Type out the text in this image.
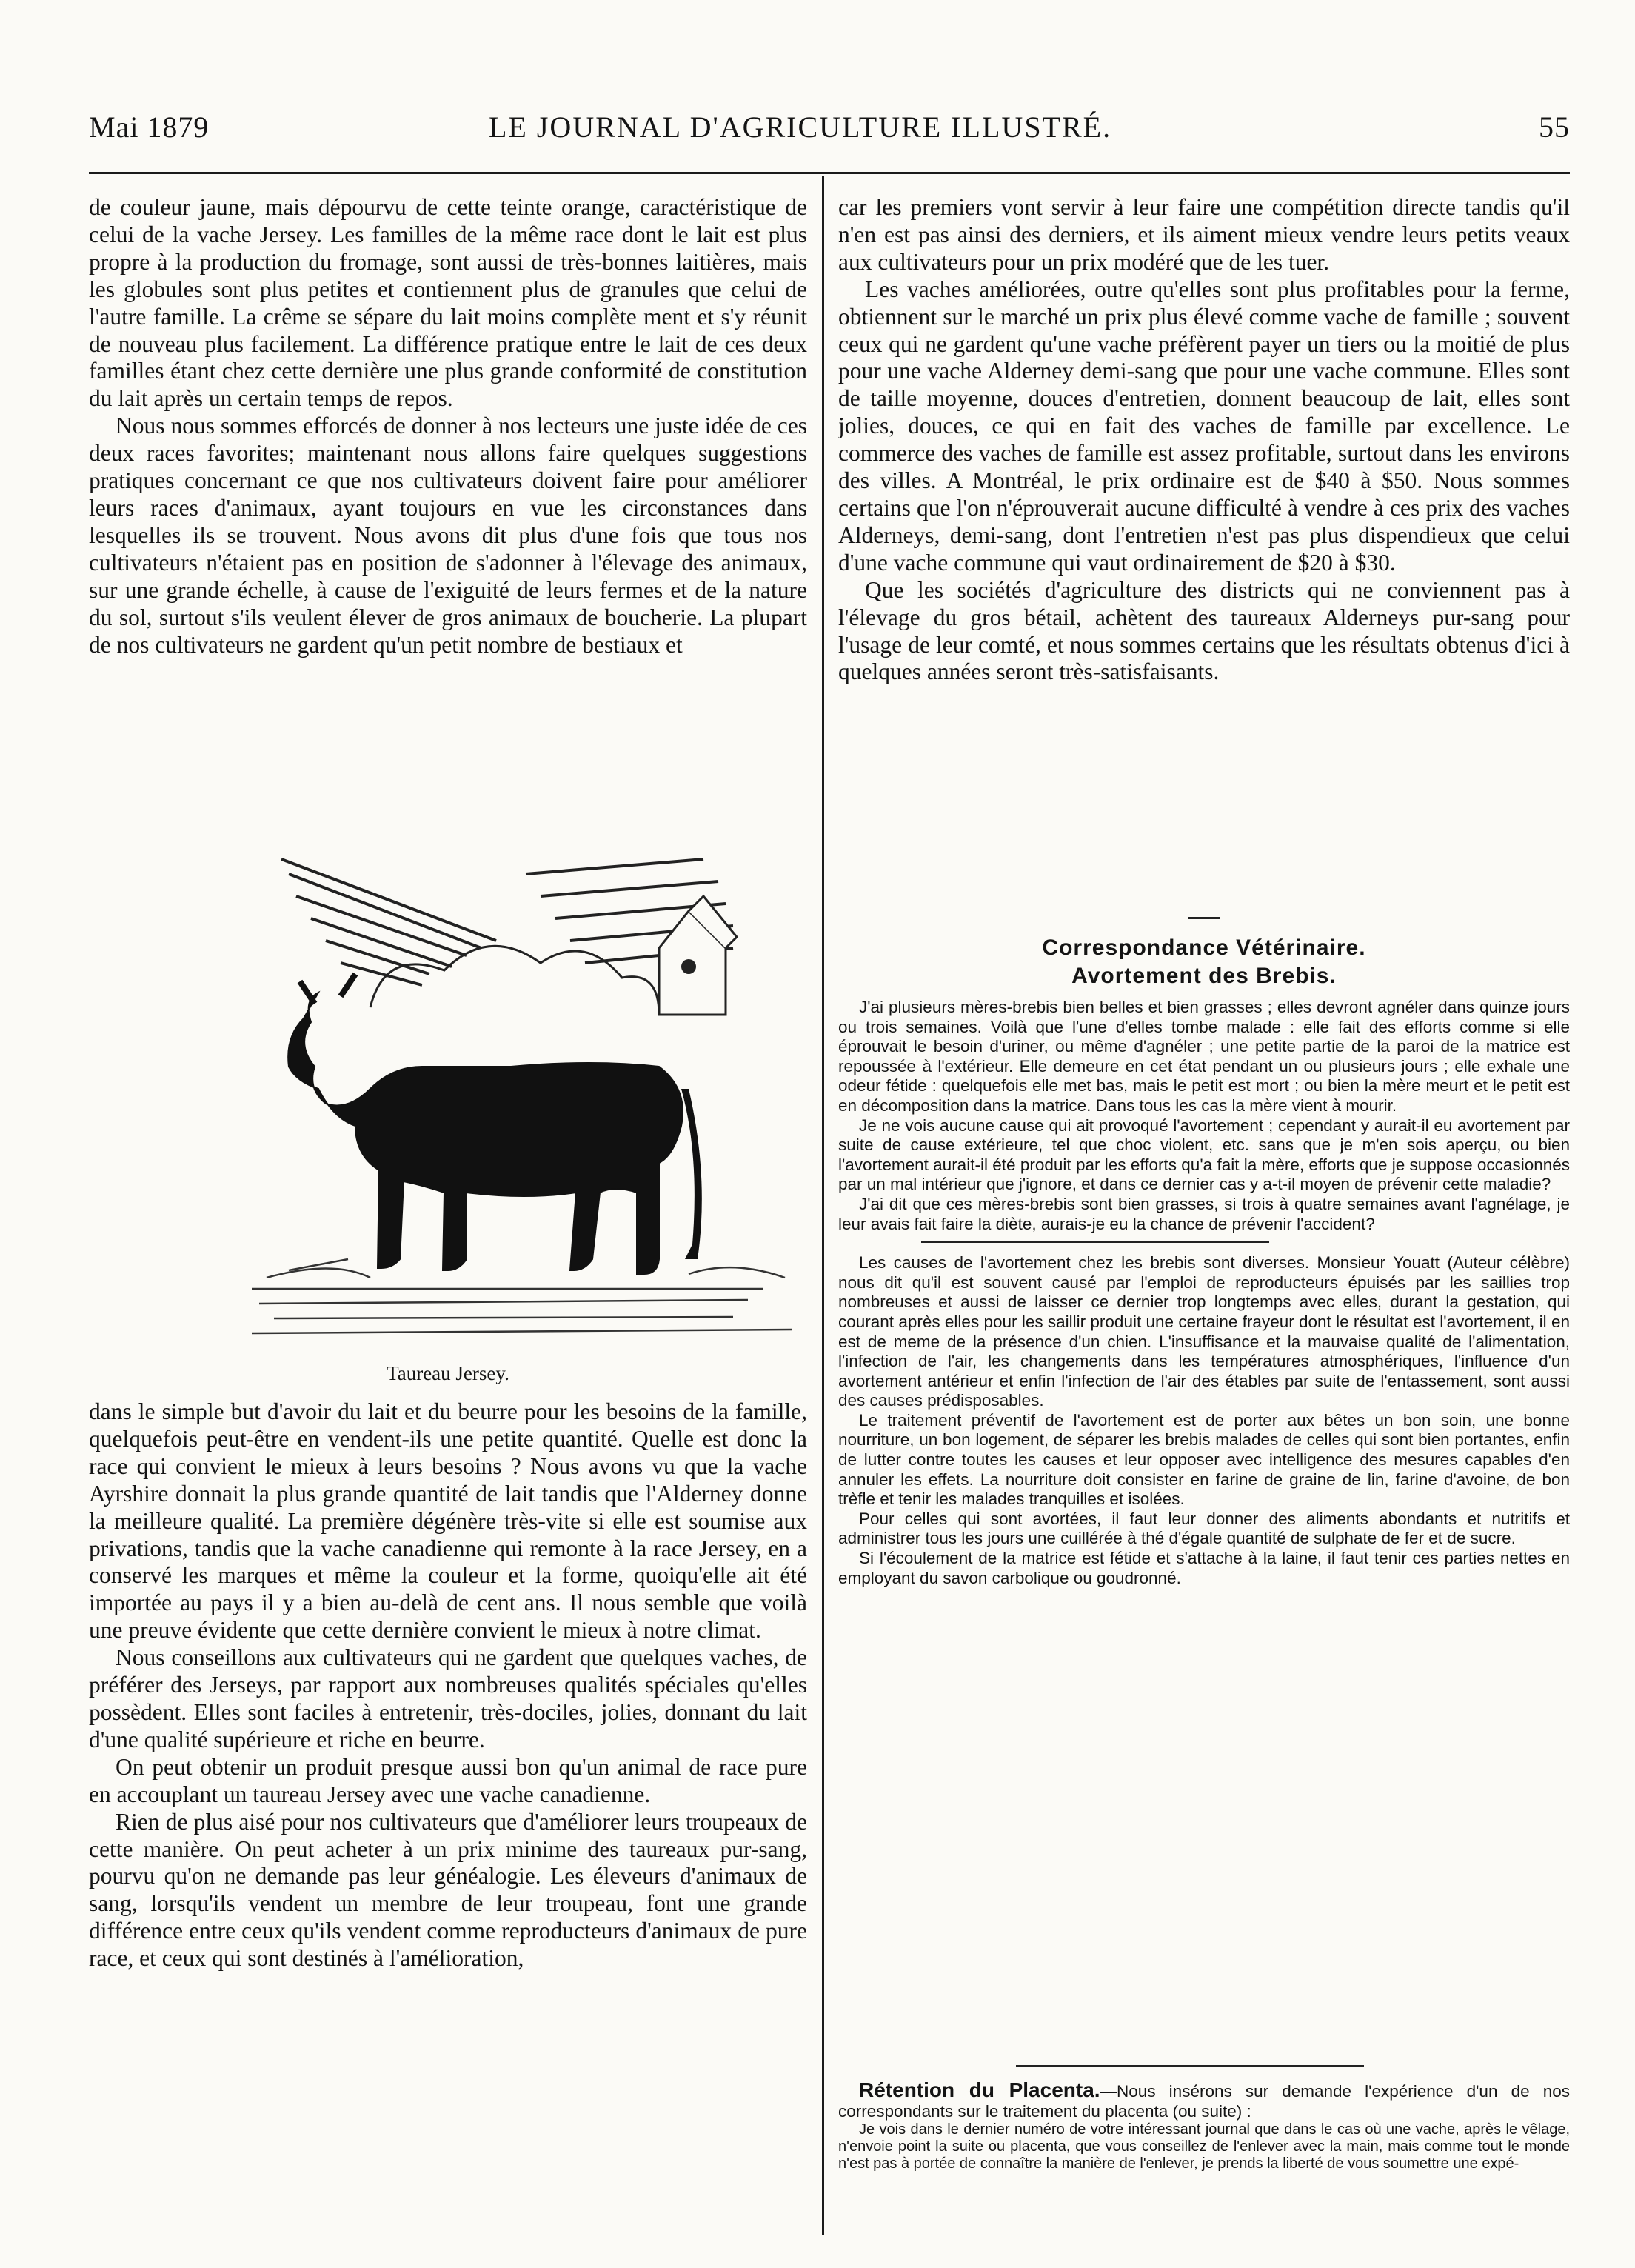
Mai 1879	LE JOURNAL D'AGRICULTURE ILLUSTRÉ.	55

de couleur jaune, mais dépourvu de cette teinte orange, caractéristique de celui de la vache Jersey. Les familles de la même race dont le lait est plus propre à la production du fromage, sont aussi de très-bonnes laitières, mais les globules sont plus petites et contiennent plus de granules que celui de l'autre famille. La crême se sépare du lait moins complète ment et s'y réunit de nouveau plus facilement. La différence pratique entre le lait de ces deux familles étant chez cette dernière une plus grande conformité de constitution du lait après un certain temps de repos.

Nous nous sommes efforcés de donner à nos lecteurs une juste idée de ces deux races favorites; maintenant nous allons faire quelques suggestions pratiques concernant ce que nos cultivateurs doivent faire pour améliorer leurs races d'animaux, ayant toujours en vue les circonstances dans lesquelles ils se trouvent. Nous avons dit plus d'une fois que tous nos cultivateurs n'étaient pas en position de s'adonner à l'élevage des animaux, sur une grande échelle, à cause de l'exiguité de leurs fermes et de la nature du sol, surtout s'ils veulent élever de gros animaux de boucherie. La plupart de nos cultivateurs ne gardent qu'un petit nombre de bestiaux et

Taureau Jersey.

dans le simple but d'avoir du lait et du beurre pour les besoins de la famille, quelquefois peut-être en vendent-ils une petite quantité. Quelle est donc la race qui convient le mieux à leurs besoins ? Nous avons vu que la vache Ayrshire donnait la plus grande quantité de lait tandis que l'Alderney donne la meilleure qualité. La première dégénère très-vite si elle est soumise aux privations, tandis que la vache canadienne qui remonte à la race Jersey, en a conservé les marques et même la couleur et la forme, quoiqu'elle ait été importée au pays il y a bien au-delà de cent ans. Il nous semble que voilà une preuve évidente que cette dernière convient le mieux à notre climat.

Nous conseillons aux cultivateurs qui ne gardent que quelques vaches, de préférer des Jerseys, par rapport aux nombreuses qualités spéciales qu'elles possèdent. Elles sont faciles à entretenir, très-dociles, jolies, donnant du lait d'une qualité supérieure et riche en beurre.

On peut obtenir un produit presque aussi bon qu'un animal de race pure en accouplant un taureau Jersey avec une vache canadienne.

Rien de plus aisé pour nos cultivateurs que d'améliorer leurs troupeaux de cette manière. On peut acheter à un prix minime des taureaux pur-sang, pourvu qu'on ne demande pas leur généalogie. Les éleveurs d'animaux de sang, lorsqu'ils vendent un membre de leur troupeau, font une grande différence entre ceux qu'ils vendent comme reproducteurs d'animaux de pure race, et ceux qui sont destinés à l'amélioration,

car les premiers vont servir à leur faire une compétition directe tandis qu'il n'en est pas ainsi des derniers, et ils aiment mieux vendre leurs petits veaux aux cultivateurs pour un prix modéré que de les tuer.

Les vaches améliorées, outre qu'elles sont plus profitables pour la ferme, obtiennent sur le marché un prix plus élevé comme vache de famille ; souvent ceux qui ne gardent qu'une vache préfèrent payer un tiers ou la moitié de plus pour une vache Alderney demi-sang que pour une vache commune. Elles sont de taille moyenne, douces d'entretien, donnent beaucoup de lait, elles sont jolies, douces, ce qui en fait des vaches de famille par excellence. Le commerce des vaches de famille est assez profitable, surtout dans les environs des villes. A Montréal, le prix ordinaire est de $40 à $50. Nous sommes certains que l'on n'éprouverait aucune difficulté à vendre à ces prix des vaches Alderneys, demi-sang, dont l'entretien n'est pas plus dispendieux que celui d'une vache commune qui vaut ordinairement de $20 à $30.

Que les sociétés d'agriculture des districts qui ne conviennent pas à l'élevage du gros bétail, achètent des taureaux Alderneys pur-sang pour l'usage de leur comté, et nous sommes certains que les résultats obtenus d'ici à quelques années seront très-satisfaisants.

Correspondance Vétérinaire.
Avortement des Brebis.

J'ai plusieurs mères-brebis bien belles et bien grasses ; elles devront agnéler dans quinze jours ou trois semaines. Voilà que l'une d'elles tombe malade : elle fait des efforts comme si elle éprouvait le besoin d'uriner, ou même d'agnéler ; une petite partie de la paroi de la matrice est repoussée à l'extérieur. Elle demeure en cet état pendant un ou plusieurs jours ; elle exhale une odeur fétide : quelquefois elle met bas, mais le petit est mort ; ou bien la mère meurt et le petit est en décomposition dans la matrice. Dans tous les cas la mère vient à mourir.

Je ne vois aucune cause qui ait provoqué l'avortement ; cependant y aurait-il eu avortement par suite de cause extérieure, tel que choc violent, etc. sans que je m'en sois aperçu, ou bien l'avortement aurait-il été produit par les efforts qu'a fait la mère, efforts que je suppose occasionnés par un mal intérieur que j'ignore, et dans ce dernier cas y a-t-il moyen de prévenir cette maladie?

J'ai dit que ces mères-brebis sont bien grasses, si trois à quatre semaines avant l'agnélage, je leur avais fait faire la diète, aurais-je eu la chance de prévenir l'accident?

Les causes de l'avortement chez les brebis sont diverses. Monsieur Youatt (Auteur célèbre) nous dit qu'il est souvent causé par l'emploi de reproducteurs épuisés par les saillies trop nombreuses et aussi de laisser ce dernier trop longtemps avec elles, durant la gestation, qui courant après elles pour les saillir produit une certaine frayeur dont le résultat est l'avortement, il en est de meme de la présence d'un chien. L'insuffisance et la mauvaise qualité de l'alimentation, l'infection de l'air, les changements dans les températures atmosphériques, l'influence d'un avortement antérieur et enfin l'infection de l'air des étables par suite de l'entassement, sont aussi des causes prédisposables.

Le traitement préventif de l'avortement est de porter aux bêtes un bon soin, une bonne nourriture, un bon logement, de séparer les brebis malades de celles qui sont bien portantes, enfin de lutter contre toutes les causes et leur opposer avec intelligence des mesures capables d'en annuler les effets. La nourriture doit consister en farine de graine de lin, farine d'avoine, de bon trèfle et tenir les malades tranquilles et isolées.

Pour celles qui sont avortées, il faut leur donner des aliments abondants et nutritifs et administrer tous les jours une cuillérée à thé d'égale quantité de sulphate de fer et de sucre.

Si l'écoulement de la matrice est fétide et s'attache à la laine, il faut tenir ces parties nettes en employant du savon carbolique ou goudronné.

Rétention du Placenta.—Nous insérons sur demande l'expérience d'un de nos correspondants sur le traitement du placenta (ou suite) :

Je vois dans le dernier numéro de votre intéressant journal que dans le cas où une vache, après le vêlage, n'envoie point la suite ou placenta, que vous conseillez de l'enlever avec la main, mais comme tout le monde n'est pas à portée de connaître la manière de l'enlever, je prends la liberté de vous soumettre une expé-
